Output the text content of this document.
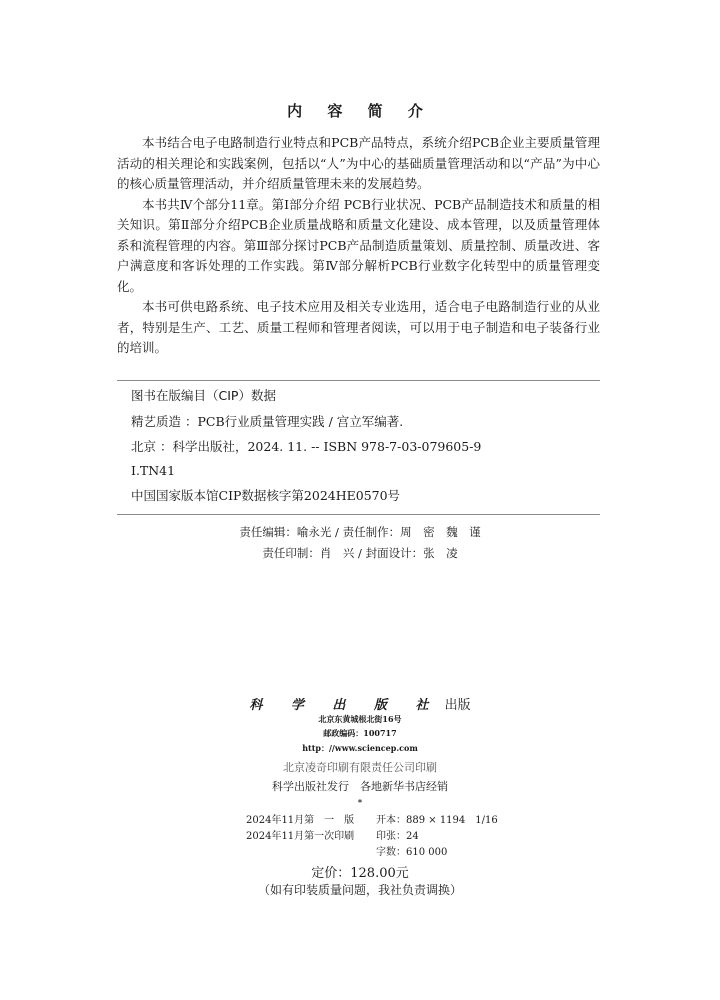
内 容 简 介

本书结合电子电路制造行业特点和PCB产品特点，系统介绍PCB企业主要质量管理活动的相关理论和实践案例，包括以“人”为中心的基础质量管理活动和以“产品”为中心的核心质量管理活动，并介绍质量管理未来的发展趋势。

本书共Ⅳ个部分11章。第Ⅰ部分介绍 PCB行业状况、PCB产品制造技术和质量的相关知识。第Ⅱ部分介绍PCB企业质量战略和质量文化建设、成本管理，以及质量管理体系和流程管理的内容。第Ⅲ部分探讨PCB产品制造质量策划、质量控制、质量改进、客户满意度和客诉处理的工作实践。第Ⅳ部分解析PCB行业数字化转型中的质量管理变化。

本书可供电路系统、电子技术应用及相关专业选用，适合电子电路制造行业的从业者，特别是生产、工艺、质量工程师和管理者阅读，可以用于电子制造和电子装备行业的培训。

图书在版编目（CIP）数据
精艺质造 ：PCB行业质量管理实践 / 宫立军编著.
北京 ：科学出版社，2024. 11. -- ISBN 978-7-03-079605-9
Ⅰ.TN41
中国国家版本馆CIP数据核字第2024HE0570号
责任编辑：喻永光 / 责任制作：周　密　魏　谨
责任印制：肖　兴 / 封面设计：张　凌
科 学 出 版 社 出版
北京东黄城根北街16号
邮政编码：100717
http：//www.sciencep.com
北京凌奇印刷有限责任公司印刷
科学出版社发行　各地新华书店经销
*
2024年11月第　一　版 开本：889 × 1194　1/16
2024年11月第一次印刷 印张：24
字数：610 000
定价：128.00元
（如有印装质量问题，我社负责调换）
